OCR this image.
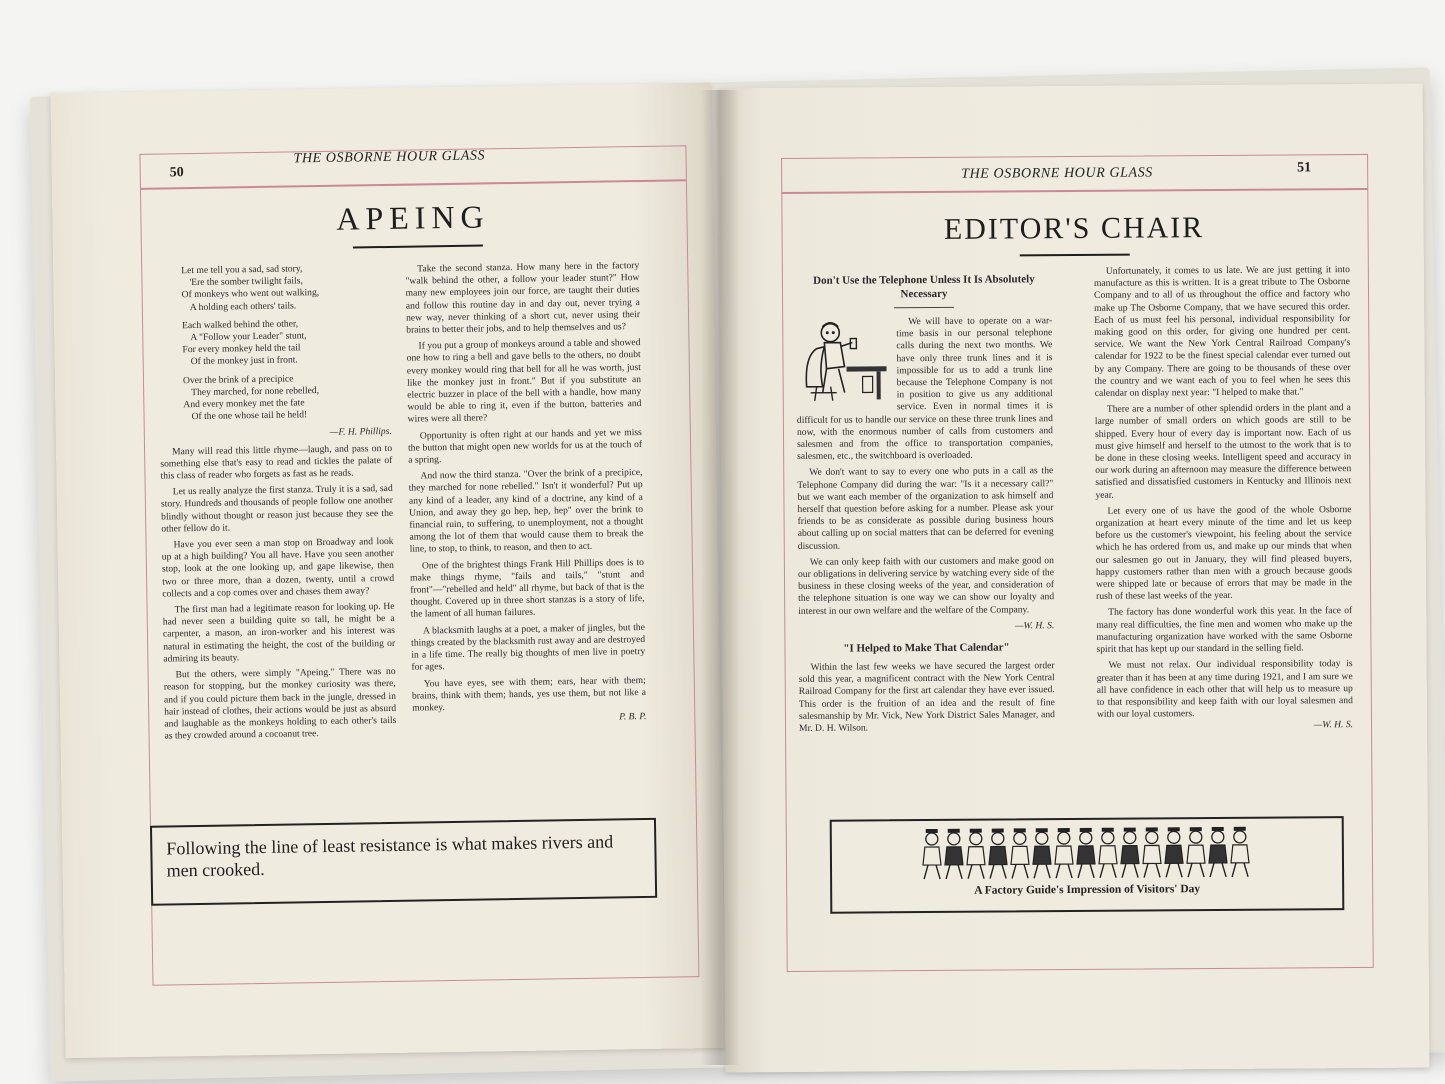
50
THE OSBORNE HOUR GLASS
APEING
Let me tell you a sad, sad story,
'Ere the somber twilight fails,
Of monkeys who went out walking,
A holding each others' tails.

Each walked behind the other,
A "Follow your Leader" stunt,
For every monkey held the tail
Of the monkey just in front.

Over the brink of a precipice
They marched, for none rebelled,
And every monkey met the fate
Of the one whose tail he held!
—F. H. Phillips.

Many will read this little rhyme—laugh, and pass on to something else that's easy to read and tickles the palate of this class of reader who forgets as fast as he reads.

Let us really analyze the first stanza. Truly it is a sad, sad story. Hundreds and thousands of people follow one another blindly without thought or reason just because they see the other fellow do it.

Have you ever seen a man stop on Broadway and look up at a high building? You all have. Have you seen another stop, look at the one looking up, and gape likewise, then two or three more, than a dozen, twenty, until a crowd collects and a cop comes over and chases them away?

The first man had a legitimate reason for looking up. He had never seen a building quite so tall, he might be a carpenter, a mason, an iron-worker and his interest was natural in estimating the height, the cost of the building or admiring its beauty.

But the others, were simply "Apeing." There was no reason for stopping, but the monkey curiosity was there, and if you could picture them back in the jungle, dressed in hair instead of clothes, their actions would be just as absurd and laughable as the monkeys holding to each other's tails as they crowded around a cocoanut tree.

Take the second stanza. How many here in the factory "walk behind the other, a follow your leader stunt?" How many new employees join our force, are taught their duties and follow this routine day in and day out, never trying a new way, never thinking of a short cut, never using their brains to better their jobs, and to help themselves and us?

If you put a group of monkeys around a table and showed one how to ring a bell and gave bells to the others, no doubt every monkey would ring that bell for all he was worth, just like the monkey just in front." But if you substitute an electric buzzer in place of the bell with a handle, how many would be able to ring it, even if the button, batteries and wires were all there?

Opportunity is often right at our hands and yet we miss the button that might open new worlds for us at the touch of a spring.

And now the third stanza. "Over the brink of a precipice, they marched for none rebelled." Isn't it wonderful? Put up any kind of a leader, any kind of a doctrine, any kind of a Union, and away they go hep, hep, hep" over the brink to financial ruin, to suffering, to unemployment, not a thought among the lot of them that would cause them to break the line, to stop, to think, to reason, and then to act.

One of the brightest things Frank Hill Phillips does is to make things rhyme, "fails and tails," "stunt and front"—"rebelled and held" all rhyme, but back of that is the thought. Covered up in three short stanzas is a story of life, the lament of all human failures.

A blacksmith laughs at a poet, a maker of jingles, but the things created by the blacksmith rust away and are destroyed in a life time. The really big thoughts of men live in poetry for ages.

You have eyes, see with them; ears, hear with them; brains, think with them; hands, yes use them, but not like a monkey.

P. B. P.
Following the line of least resistance is what makes rivers and men crooked.
THE OSBORNE HOUR GLASS	51
EDITOR'S CHAIR
Don't Use the Telephone Unless It Is Absolutely Necessary

We will have to operate on a war-time basis in our personal telephone calls during the next two months. We have only three trunk lines and it is impossible for us to add a trunk line because the Telephone Company is not in position to give us any additional service. Even in normal times it is difficult for us to handle our service on these three trunk lines and now, with the enormous number of calls from customers and salesmen and from the office to transportation companies, salesmen, etc., the switchboard is overloaded.

We don't want to say to every one who puts in a call as the Telephone Company did during the war: "Is it a necessary call?" but we want each member of the organization to ask himself and herself that question before asking for a number. Please ask your friends to be as considerate as possible during business hours about calling up on social matters that can be deferred for evening discussion.

We can only keep faith with our customers and make good on our obligations in delivering service by watching every side of the business in these closing weeks of the year, and consideration of the telephone situation is one way we can show our loyalty and interest in our own welfare and the welfare of the Company.

—W. H. S.
"I Helped to Make That Calendar"

Within the last few weeks we have secured the largest order sold this year, a magnificent contract with the New York Central Railroad Company for the first art calendar they have ever issued. This order is the fruition of an idea and the result of fine salesmanship by Mr. Vick, New York District Sales Manager, and Mr. D. H. Wilson.

Unfortunately, it comes to us late. We are just getting it into manufacture as this is written. It is a great tribute to The Osborne Company and to all of us throughout the office and factory who make up The Osborne Company, that we have secured this order. Each of us must feel his personal, individual responsibility for making good on this order, for giving one hundred per cent. service. We want the New York Central Railroad Company's calendar for 1922 to be the finest special calendar ever turned out by any Company. There are going to be thousands of these over the country and we want each of you to feel when he sees this calendar on display next year: "I helped to make that."

There are a number of other splendid orders in the plant and a large number of small orders on which goods are still to be shipped. Every hour of every day is important now. Each of us must give himself and herself to the utmost to the work that is to be done in these closing weeks. Intelligent speed and accuracy in our work during an afternoon may measure the difference between satisfied and dissatisfied customers in Kentucky and Illinois next year.

Let every one of us have the good of the whole Osborne organization at heart every minute of the time and let us keep before us the customer's viewpoint, his feeling about the service which he has ordered from us, and make up our minds that when our salesmen go out in January, they will find pleased buyers, happy customers rather than men with a grouch because goods were shipped late or because of errors that may be made in the rush of these last weeks of the year.

The factory has done wonderful work this year. In the face of many real difficulties, the fine men and women who make up the manufacturing organization have worked with the same Osborne spirit that has kept up our standard in the selling field.

We must not relax. Our individual responsibility today is greater than it has been at any time during 1921, and I am sure we all have confidence in each other that will help us to measure up to that responsibility and keep faith with our loyal salesmen and with our loyal customers.

—W. H. S.
A Factory Guide's Impression of Visitors' Day
